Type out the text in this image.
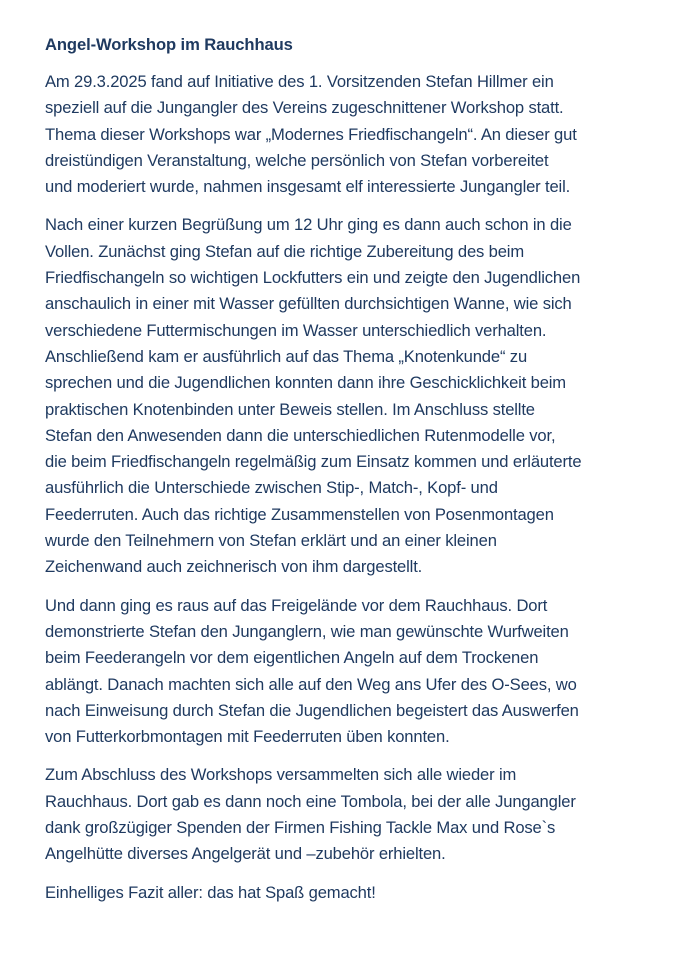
Angel-Workshop im Rauchhaus

Am 29.3.2025 fand auf Initiative des 1. Vorsitzenden Stefan Hillmer ein
speziell auf die Jungangler des Vereins zugeschnittener Workshop statt.
Thema dieser Workshops war „Modernes Friedfischangeln“. An dieser gut
dreistündigen Veranstaltung, welche persönlich von Stefan vorbereitet
und moderiert wurde, nahmen insgesamt elf interessierte Jungangler teil.

Nach einer kurzen Begrüßung um 12 Uhr ging es dann auch schon in die
Vollen. Zunächst ging Stefan auf die richtige Zubereitung des beim
Friedfischangeln so wichtigen Lockfutters ein und zeigte den Jugendlichen
anschaulich in einer mit Wasser gefüllten durchsichtigen Wanne, wie sich
verschiedene Futtermischungen im Wasser unterschiedlich verhalten.
Anschließend kam er ausführlich auf das Thema „Knotenkunde“ zu
sprechen und die Jugendlichen konnten dann ihre Geschicklichkeit beim
praktischen Knotenbinden unter Beweis stellen. Im Anschluss stellte
Stefan den Anwesenden dann die unterschiedlichen Rutenmodelle vor,
die beim Friedfischangeln regelmäßig zum Einsatz kommen und erläuterte
ausführlich die Unterschiede zwischen Stip-, Match-, Kopf- und
Feederruten. Auch das richtige Zusammenstellen von Posenmontagen
wurde den Teilnehmern von Stefan erklärt und an einer kleinen
Zeichenwand auch zeichnerisch von ihm dargestellt.

Und dann ging es raus auf das Freigelände vor dem Rauchhaus. Dort
demonstrierte Stefan den Junganglern, wie man gewünschte Wurfweiten
beim Feederangeln vor dem eigentlichen Angeln auf dem Trockenen
ablängt. Danach machten sich alle auf den Weg ans Ufer des O-Sees, wo
nach Einweisung durch Stefan die Jugendlichen begeistert das Auswerfen
von Futterkorbmontagen mit Feederruten üben konnten.

Zum Abschluss des Workshops versammelten sich alle wieder im
Rauchhaus. Dort gab es dann noch eine Tombola, bei der alle Jungangler
dank großzügiger Spenden der Firmen Fishing Tackle Max und Rose`s
Angelhütte diverses Angelgerät und –zubehör erhielten.

Einhelliges Fazit aller: das hat Spaß gemacht!
